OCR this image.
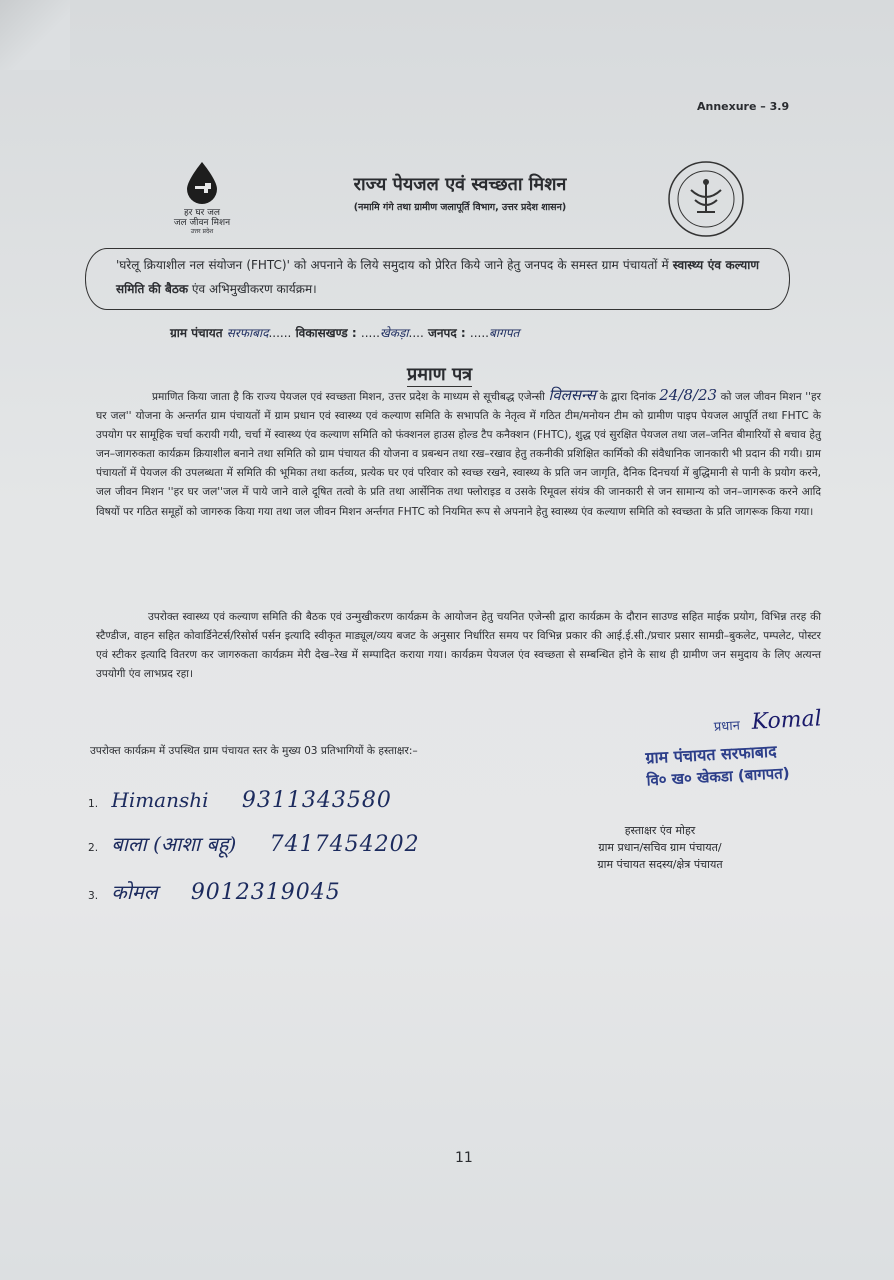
Annexure – 3.9
हर घर जल
जल जीवन मिशन
उत्तर प्रदेश
राज्य पेयजल एवं स्वच्छता मिशन
(नमामि गंगे तथा ग्रामीण जलापूर्ति विभाग, उत्तर प्रदेश शासन)
'घरेलू क्रियाशील नल संयोजन (FHTC)' को अपनाने के लिये समुदाय को प्रेरित किये जाने हेतु जनपद के समस्त ग्राम पंचायतों में स्वास्थ्य एंव कल्याण समिति की बैठक एंव अभिमुखीकरण कार्यक्रम।
ग्राम पंचायत सरफाबाद...... विकासखण्ड : .....खेकड़ा.... जनपद : .....बागपत
प्रमाण पत्र
प्रमाणित किया जाता है कि राज्य पेयजल एवं स्वच्छता मिशन, उत्तर प्रदेश के माध्यम से सूचीबद्ध एजेन्सी विलसन्स के द्वारा दिनांक 24/8/23 को जल जीवन मिशन ''हर घर जल'' योजना के अन्तर्गत ग्राम पंचायतों में ग्राम प्रधान एवं स्वास्थ्य एवं कल्याण समिति के सभापति के नेतृत्व में गठित टीम/मनोयन टीम को ग्रामीण पाइप पेयजल आपूर्ति तथा FHTC के उपयोग पर सामूहिक चर्चा करायी गयी, चर्चा में स्वास्थ्य एंव कल्याण समिति को फंक्शनल हाउस होल्ड टैप कनैक्शन (FHTC), शुद्ध एवं सुरक्षित पेयजल तथा जल–जनित बीमारियों से बचाव हेतु जन–जागरुकता कार्यक्रम क्रियाशील बनाने तथा समिति को ग्राम पंचायत की योजना व प्रबन्धन तथा रख–रखाव हेतु तकनीकी प्रशिक्षित कार्मिको की संवैधानिक जानकारी भी प्रदान की गयी। ग्राम पंचायतों में पेयजल की उपलब्धता में समिति की भूमिका तथा कर्तव्य, प्रत्येक घर एवं परिवार को स्वच्छ रखने, स्वास्थ्य के प्रति जन जागृति, दैनिक दिनचर्या में बुद्धिमानी से पानी के प्रयोग करने, जल जीवन मिशन ''हर घर जल''जल में पाये जाने वाले दूषित तत्वो के प्रति तथा आर्सेनिक तथा फ्लोराइड व उसके रिमूवल संयंत्र की जानकारी से जन सामान्य को जन–जागरूक करने आदि विषयों पर गठित समूहों को जागरुक किया गया तथा जल जीवन मिशन अर्न्तगत FHTC को नियमित रूप से अपनाने हेतु स्वास्थ्य एंव कल्याण समिति को स्वच्छता के प्रति जागरूक किया गया।
उपरोक्त स्वास्थ्य एवं कल्याण समिति की बैठक एवं उन्मुखीकरण कार्यक्रम के आयोजन हेतु चयनित एजेन्सी द्वारा कार्यक्रम के दौरान साउण्ड सहित माईक प्रयोग, विभिन्न तरह की स्टैण्डीज, वाहन सहित कोवार्डिनेटर्स/रिसोर्स पर्सन इत्यादि स्वीकृत माड्यूल/व्यय बजट के अनुसार निर्धारित समय पर विभिन्न प्रकार की आई.ई.सी./प्रचार प्रसार सामग्री–बुकलेट, पम्पलेट, पोस्टर एवं स्टीकर इत्यादि वितरण कर जागरुकता कार्यक्रम मेरी देख–रेख में सम्पादित कराया गया। कार्यक्रम पेयजल एंव स्वच्छता से सम्बन्धित होने के साथ ही ग्रामीण जन समुदाय के लिए अत्यन्त उपयोगी एंव लाभप्रद रहा।
उपरोक्त कार्यक्रम में उपस्थित ग्राम पंचायत स्तर के मुख्य 03 प्रतिभागियों के हस्ताक्षर:–
1. Himanshi 9311343580
2. बाला (आशा बहू) 7417454202
3. कोमल 9012319045
प्रधान Komal
ग्राम पंचायत सरफाबाद
वि० ख० खेकडा (बागपत)
हस्ताक्षर एंव मोहर
ग्राम प्रधान/सचिव ग्राम पंचायत/
ग्राम पंचायत सदस्य/क्षेत्र पंचायत
11
